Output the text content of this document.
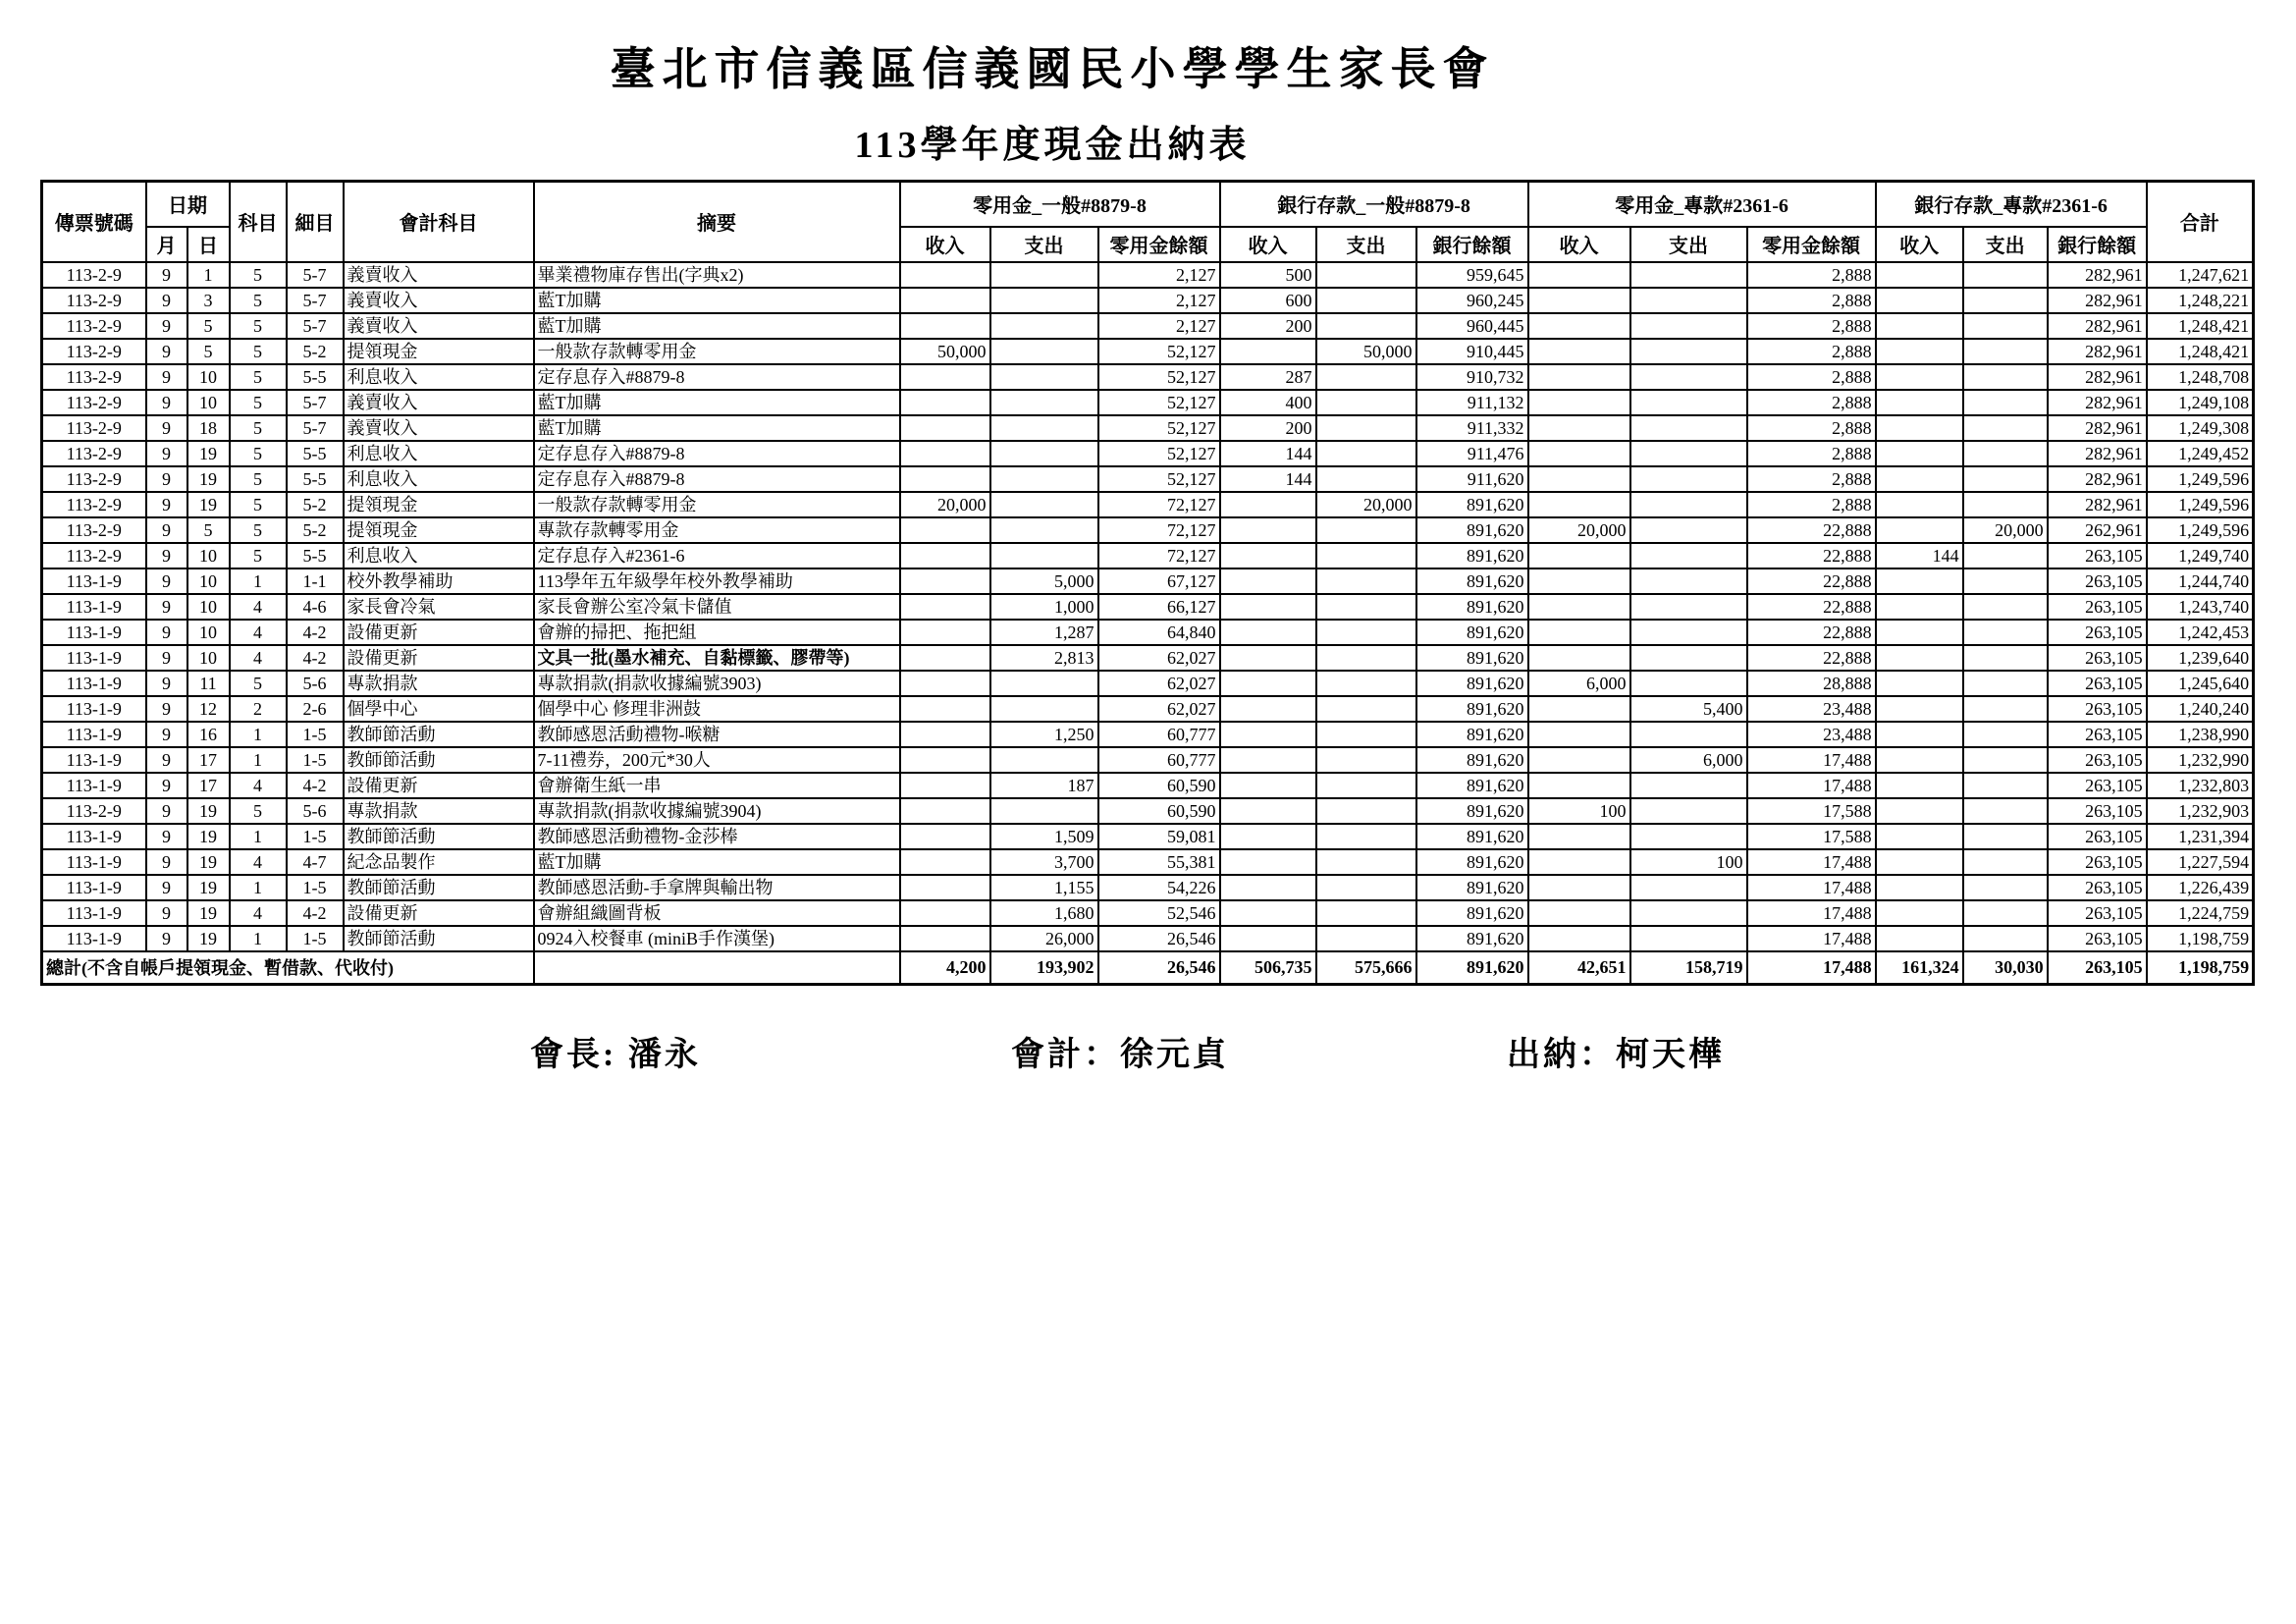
臺北市信義區信義國民小學學生家長會
113學年度現金出納表
傳票號碼	日期		科目	細目	會計科目	摘要	零用金_一般#8879-8			銀行存款_一般#8879-8			零用金_專款#2361-6			銀行存款_專款#2361-6			合計
	月	日					收入	支出	零用金餘額	收入	支出	銀行餘額	收入	支出	零用金餘額	收入	支出	銀行餘額	
113-2-9	9	1	5	5-7	義賣收入	畢業禮物庫存售出(字典x2)			2,127	500		959,645			2,888			282,961	1,247,621
113-2-9	9	3	5	5-7	義賣收入	藍T加購			2,127	600		960,245			2,888			282,961	1,248,221
113-2-9	9	5	5	5-7	義賣收入	藍T加購			2,127	200		960,445			2,888			282,961	1,248,421
113-2-9	9	5	5	5-2	提領現金	一般款存款轉零用金	50,000		52,127		50,000	910,445			2,888			282,961	1,248,421
113-2-9	9	10	5	5-5	利息收入	定存息存入#8879-8			52,127	287		910,732			2,888			282,961	1,248,708
113-2-9	9	10	5	5-7	義賣收入	藍T加購			52,127	400		911,132			2,888			282,961	1,249,108
113-2-9	9	18	5	5-7	義賣收入	藍T加購			52,127	200		911,332			2,888			282,961	1,249,308
113-2-9	9	19	5	5-5	利息收入	定存息存入#8879-8			52,127	144		911,476			2,888			282,961	1,249,452
113-2-9	9	19	5	5-5	利息收入	定存息存入#8879-8			52,127	144		911,620			2,888			282,961	1,249,596
113-2-9	9	19	5	5-2	提領現金	一般款存款轉零用金	20,000		72,127		20,000	891,620			2,888			282,961	1,249,596
113-2-9	9	5	5	5-2	提領現金	專款存款轉零用金			72,127			891,620	20,000		22,888		20,000	262,961	1,249,596
113-2-9	9	10	5	5-5	利息收入	定存息存入#2361-6			72,127			891,620			22,888	144		263,105	1,249,740
113-1-9	9	10	1	1-1	校外教學補助	113學年五年級學年校外教學補助		5,000	67,127			891,620			22,888			263,105	1,244,740
113-1-9	9	10	4	4-6	家長會冷氣	家長會辦公室冷氣卡儲值		1,000	66,127			891,620			22,888			263,105	1,243,740
113-1-9	9	10	4	4-2	設備更新	會辦的掃把、拖把組		1,287	64,840			891,620			22,888			263,105	1,242,453
113-1-9	9	10	4	4-2	設備更新	文具一批(墨水補充、自黏標籤、膠帶等)		2,813	62,027			891,620			22,888			263,105	1,239,640
113-1-9	9	11	5	5-6	專款捐款	專款捐款(捐款收據編號3903)			62,027			891,620	6,000		28,888			263,105	1,245,640
113-1-9	9	12	2	2-6	個學中心	個學中心 修理非洲鼓			62,027			891,620		5,400	23,488			263,105	1,240,240
113-1-9	9	16	1	1-5	教師節活動	教師感恩活動禮物-喉糖		1,250	60,777			891,620			23,488			263,105	1,238,990
113-1-9	9	17	1	1-5	教師節活動	7-11禮券，200元*30人			60,777			891,620		6,000	17,488			263,105	1,232,990
113-1-9	9	17	4	4-2	設備更新	會辦衛生紙一串		187	60,590			891,620			17,488			263,105	1,232,803
113-2-9	9	19	5	5-6	專款捐款	專款捐款(捐款收據編號3904)			60,590			891,620	100		17,588			263,105	1,232,903
113-1-9	9	19	1	1-5	教師節活動	教師感恩活動禮物-金莎棒		1,509	59,081			891,620			17,588			263,105	1,231,394
113-1-9	9	19	4	4-7	紀念品製作	藍T加購		3,700	55,381			891,620		100	17,488			263,105	1,227,594
113-1-9	9	19	1	1-5	教師節活動	教師感恩活動-手拿牌與輸出物		1,155	54,226			891,620			17,488			263,105	1,226,439
113-1-9	9	19	4	4-2	設備更新	會辦組織圖背板		1,680	52,546			891,620			17,488			263,105	1,224,759
113-1-9	9	19	1	1-5	教師節活動	0924入校餐車 (miniB手作漢堡)		26,000	26,546			891,620			17,488			263,105	1,198,759
總計(不含自帳戶提領現金、暫借款、代收付)							4,200	193,902	26,546	506,735	575,666	891,620	42,651	158,719	17,488	161,324	30,030	263,105	1,198,759
會長: 潘永	會計：徐元貞	出納：柯天樺
